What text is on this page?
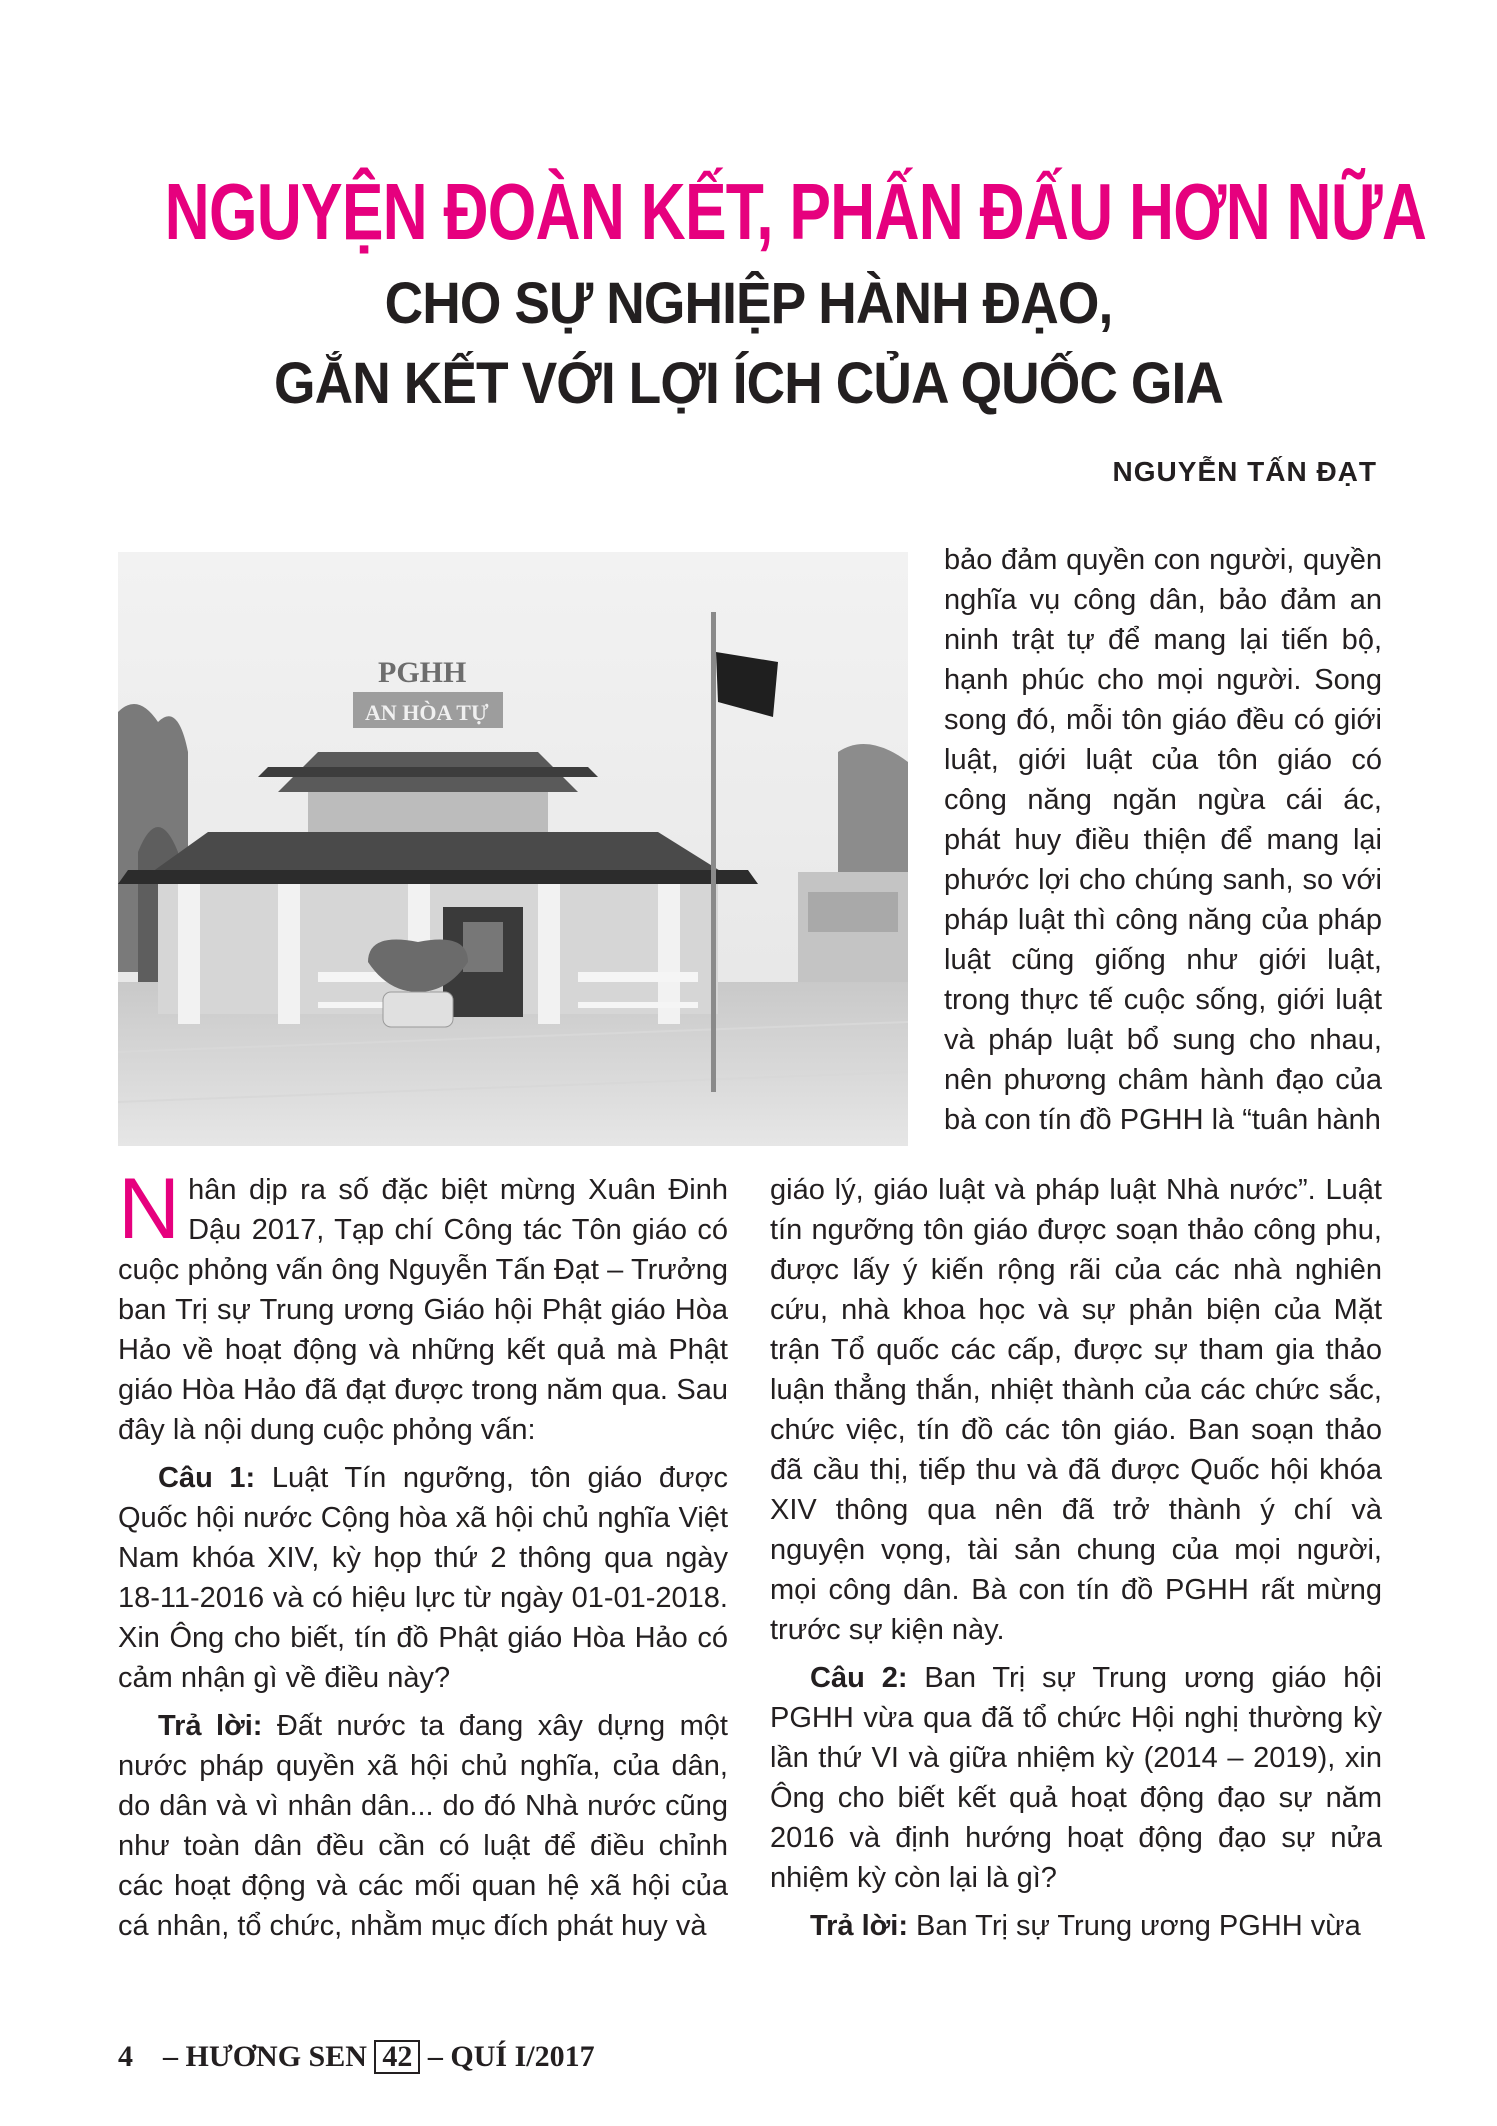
NGUYỆN ĐOÀN KẾT, PHẤN ĐẤU HƠN NỮA
CHO SỰ NGHIỆP HÀNH ĐẠO,
GẮN KẾT VỚI LỢI ÍCH CỦA QUỐC GIA
NGUYỄN TẤN ĐẠT
PGHH
AN HÒA TỰ

bảo đảm quyền con người, quyền nghĩa vụ công dân, bảo đảm an ninh trật tự để mang lại tiến bộ, hạnh phúc cho mọi người. Song song đó, mỗi tôn giáo đều có giới luật, giới luật của tôn giáo có công năng ngăn ngừa cái ác, phát huy điều thiện để mang lại phước lợi cho chúng sanh, so với pháp luật thì công năng của pháp luật cũng giống như giới luật, trong thực tế cuộc sống, giới luật và pháp luật bổ sung cho nhau, nên phương châm hành đạo của bà con tín đồ PGHH là “tuân hành

Nhân dịp ra số đặc biệt mừng Xuân Đinh Dậu 2017, Tạp chí Công tác Tôn giáo có cuộc phỏng vấn ông Nguyễn Tấn Đạt – Trưởng ban Trị sự Trung ương Giáo hội Phật giáo Hòa Hảo về hoạt động và những kết quả mà Phật giáo Hòa Hảo đã đạt được trong năm qua. Sau đây là nội dung cuộc phỏng vấn:

Câu 1: Luật Tín ngưỡng, tôn giáo được Quốc hội nước Cộng hòa xã hội chủ nghĩa Việt Nam khóa XIV, kỳ họp thứ 2 thông qua ngày 18-11-2016 và có hiệu lực từ ngày 01-01-2018. Xin Ông cho biết, tín đồ Phật giáo Hòa Hảo có cảm nhận gì về điều này?

Trả lời: Đất nước ta đang xây dựng một nước pháp quyền xã hội chủ nghĩa, của dân, do dân và vì nhân dân... do đó Nhà nước cũng như toàn dân đều cần có luật để điều chỉnh các hoạt động và các mối quan hệ xã hội của cá nhân, tổ chức, nhằm mục đích phát huy và

giáo lý, giáo luật và pháp luật Nhà nước”. Luật tín ngưỡng tôn giáo được soạn thảo công phu, được lấy ý kiến rộng rãi của các nhà nghiên cứu, nhà khoa học và sự phản biện của Mặt trận Tổ quốc các cấp, được sự tham gia thảo luận thẳng thắn, nhiệt thành của các chức sắc, chức việc, tín đồ các tôn giáo. Ban soạn thảo đã cầu thị, tiếp thu và đã được Quốc hội khóa XIV thông qua nên đã trở thành ý chí và nguyện vọng, tài sản chung của mọi người, mọi công dân. Bà con tín đồ PGHH rất mừng trước sự kiện này.

Câu 2: Ban Trị sự Trung ương giáo hội PGHH vừa qua đã tổ chức Hội nghị thường kỳ lần thứ VI và giữa nhiệm kỳ (2014 – 2019), xin Ông cho biết kết quả hoạt động đạo sự năm 2016 và định hướng hoạt động đạo sự nửa nhiệm kỳ còn lại là gì?

Trả lời: Ban Trị sự Trung ương PGHH vừa

4 – HƯƠNG SEN 42 – QUÍ I/2017
